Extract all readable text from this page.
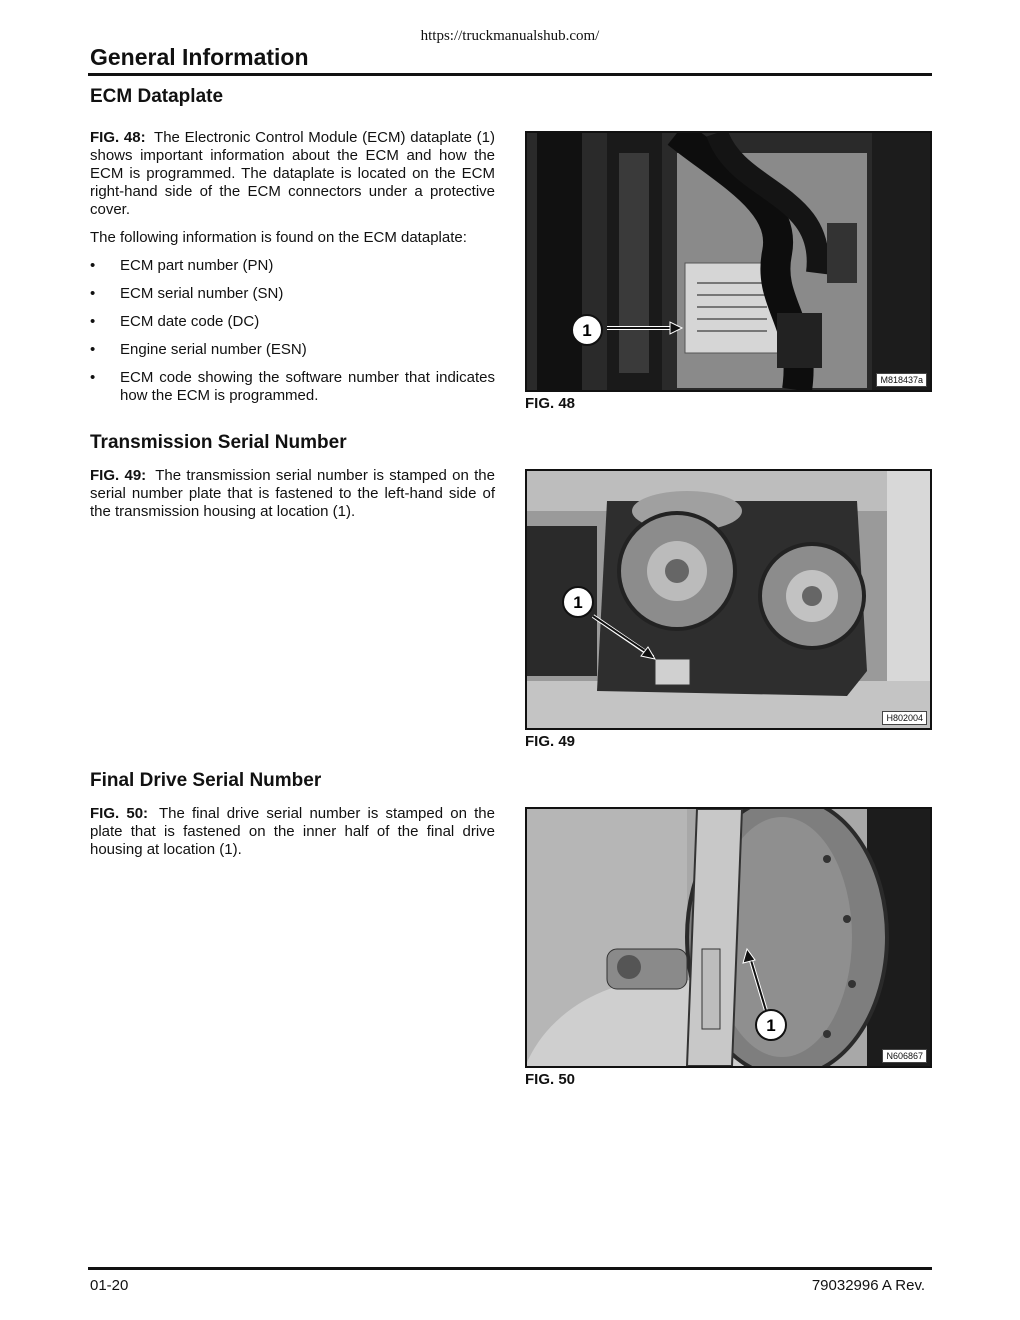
https://truckmanualshub.com/
General Information
ECM Dataplate

FIG. 48: The Electronic Control Module (ECM) dataplate (1) shows important information about the ECM and how the ECM is programmed. The dataplate is located on the ECM right-hand side of the ECM connectors under a protective cover.

The following information is found on the ECM dataplate:

• ECM part number (PN)
• ECM serial number (SN)
• ECM date code (DC)
• Engine serial number (ESN)
• ECM code showing the software number that indicates how the ECM is programmed.
1
M818437a
FIG. 48
Transmission Serial Number

FIG. 49: The transmission serial number is stamped on the serial number plate that is fastened to the left-hand side of the transmission housing at location (1).

1
H802004
FIG. 49
Final Drive Serial Number

FIG. 50: The final drive serial number is stamped on the plate that is fastened on the inner half of the final drive housing at location (1).

1
N606867
FIG. 50
01-20	79032996 A Rev.
